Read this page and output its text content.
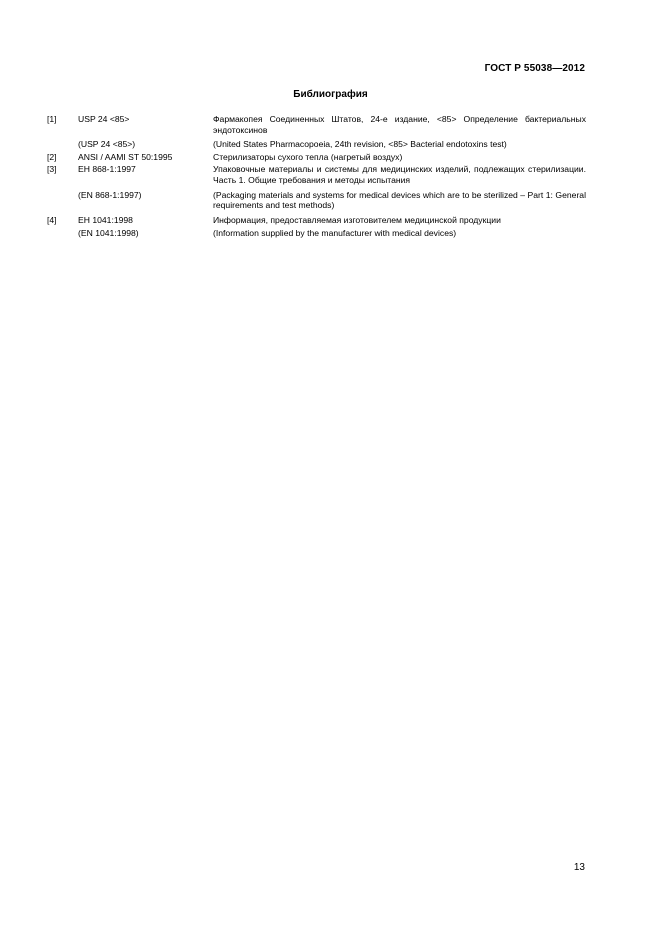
ГОСТ Р 55038—2012
Библиография
[1]	USP 24 <85>	Фармакопея Соединенных Штатов, 24-е издание, <85> Определение бактериальных эндотоксинов
(USP 24 <85>)	(United States Pharmacopoeia, 24th revision, <85> Bacterial endotoxins test)
[2]	ANSI / AAMI ST 50:1995	Стерилизаторы сухого тепла (нагретый воздух)
[3]	ЕН 868-1:1997	Упаковочные материалы и системы для медицинских изделий, подлежащих стерилизации. Часть 1. Общие требования и методы испытания
(EN 868-1:1997)	(Packaging materials and systems for medical devices which are to be sterilized – Part 1: General requirements and test methods)
[4]	ЕН 1041:1998	Информация, предоставляемая изготовителем медицинской продукции
(EN 1041:1998)	(Information supplied by the manufacturer with medical devices)
13
